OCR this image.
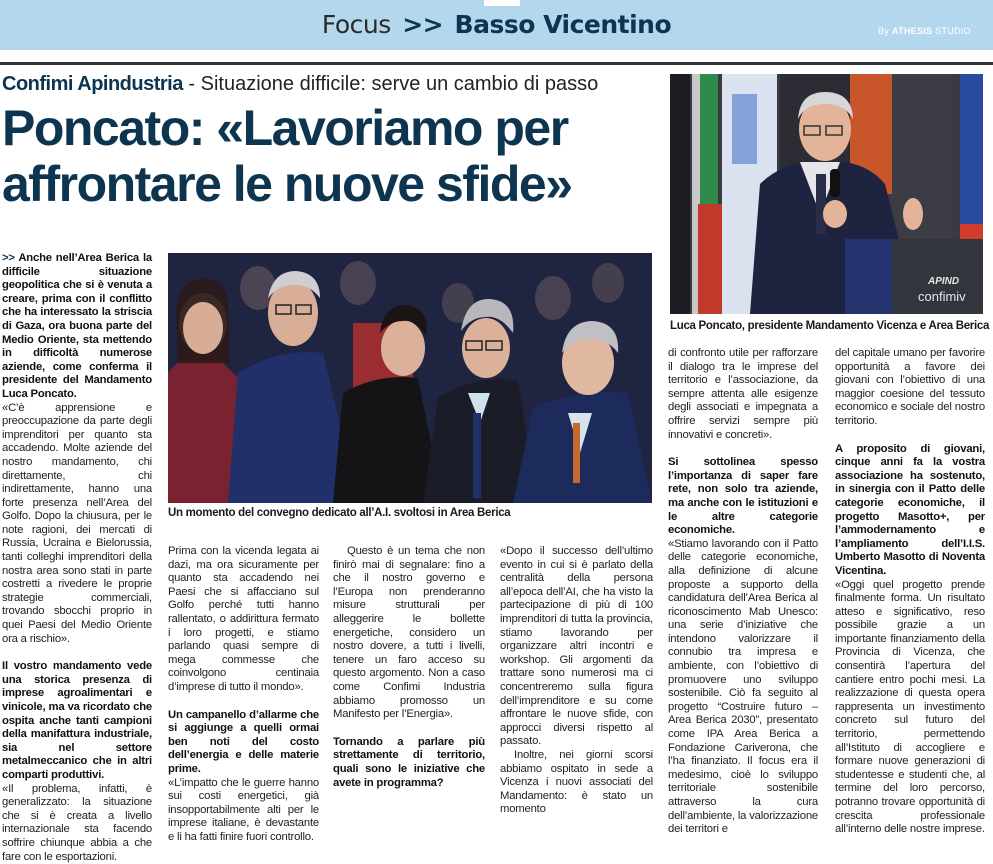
Focus >> Basso Vicentino	By ATHESIS STUDIO
Confimi Apindustria - Situazione difficile: serve un cambio di passo
Poncato: «Lavoriamo per
affrontare le nuove sfide»
APIND
confimiv
Luca Poncato, presidente Mandamento Vicenza e Area Berica
Un momento del convegno dedicato all’A.I. svoltosi in Area Berica

>> Anche nell’Area Berica la difficile situazione geopolitica che si è venuta a creare, prima con il conflitto che ha interessato la striscia di Gaza, ora buona parte del Medio Oriente, sta mettendo in difficoltà numerose aziende, come conferma il presidente del Mandamento Luca Poncato.

«C’è apprensione e preoccupazione da parte degli imprenditori per quanto sta accadendo. Molte aziende del nostro mandamento, chi direttamente, chi indirettamente, hanno una forte presenza nell’Area del Golfo. Dopo la chiusura, per le note ragioni, dei mercati di Russia, Ucraina e Bielorussia, tanti colleghi imprenditori della nostra area sono stati in parte costretti a rivedere le proprie strategie commerciali, trovando sbocchi proprio in quei Paesi del Medio Oriente ora a rischio».

Il vostro mandamento vede una storica presenza di imprese agroalimentari e vinicole, ma va ricordato che ospita anche tanti campioni della manifattura industriale, sia nel settore metalmeccanico che in altri comparti produttivi.

«Il problema, infatti, è generalizzato: la situazione che si è creata a livello internazionale sta facendo soffrire chiunque abbia a che fare con le esportazioni.

Prima con la vicenda legata ai dazi, ma ora sicuramente per quanto sta accadendo nei Paesi che si affacciano sul Golfo perché tutti hanno rallentato, o addirittura fermato i loro progetti, e stiamo parlando quasi sempre di mega commesse che coinvolgono centinaia d’imprese di tutto il mondo».

Un campanello d’allarme che si aggiunge a quelli ormai ben noti del costo dell’energia e delle materie prime.

«L’impatto che le guerre hanno sui costi energetici, già insopportabilmente alti per le imprese italiane, è devastante e li ha fatti finire fuori controllo.

Questo è un tema che non finirò mai di segnalare: fino a che il nostro governo e l’Europa non prenderanno misure strutturali per alleggerire le bollette energetiche, considero un nostro dovere, a tutti i livelli, tenere un faro acceso su questo argomento. Non a caso come Confimi Industria abbiamo promosso un Manifesto per l’Energia».

Tornando a parlare più strettamente di territorio, quali sono le iniziative che avete in programma?

«Dopo il successo dell’ultimo evento in cui si è parlato della centralità della persona all’epoca dell’AI, che ha visto la partecipazione di più di 100 imprenditori di tutta la provincia, stiamo lavorando per organizzare altri incontri e workshop. Gli argomenti da trattare sono numerosi ma ci concentreremo sulla figura dell’imprenditore e su come affrontare le nuove sfide, con approcci diversi rispetto al passato.

Inoltre, nei giorni scorsi abbiamo ospitato in sede a Vicenza i nuovi associati del Mandamento: è stato un momento

di confronto utile per rafforzare il dialogo tra le imprese del territorio e l’associazione, da sempre attenta alle esigenze degli associati e impegnata a offrire servizi sempre più innovativi e concreti».

Si sottolinea spesso l’importanza di saper fare rete, non solo tra aziende, ma anche con le istituzioni e le altre categorie economiche.

«Stiamo lavorando con il Patto delle categorie economiche, alla definizione di alcune proposte a supporto della candidatura dell’Area Berica al riconoscimento Mab Unesco: una serie d’iniziative che intendono valorizzare il connubio tra impresa e ambiente, con l’obiettivo di promuovere uno sviluppo sostenibile. Ciò fa seguito al progetto “Costruire futuro – Area Berica 2030”, presentato come IPA Area Berica a Fondazione Cariverona, che l’ha finanziato. Il focus era il medesimo, cioè lo sviluppo territoriale sostenibile attraverso la cura dell’ambiente, la valorizzazione dei territori e

del capitale umano per favorire opportunità a favore dei giovani con l’obiettivo di una maggior coesione del tessuto economico e sociale del nostro territorio.

A proposito di giovani, cinque anni fa la vostra associazione ha sostenuto, in sinergia con il Patto delle categorie economiche, il progetto Masotto+, per l’ammodernamento e l’ampliamento dell’I.I.S. Umberto Masotto di Noventa Vicentina.

«Oggi quel progetto prende finalmente forma. Un risultato atteso e significativo, reso possibile grazie a un importante finanziamento della Provincia di Vicenza, che consentirà l’apertura del cantiere entro pochi mesi. La realizzazione di questa opera rappresenta un investimento concreto sul futuro del territorio, permettendo all’Istituto di accogliere e formare nuove generazioni di studentesse e studenti che, al termine del loro percorso, potranno trovare opportunità di crescita professionale all’interno delle nostre imprese.
